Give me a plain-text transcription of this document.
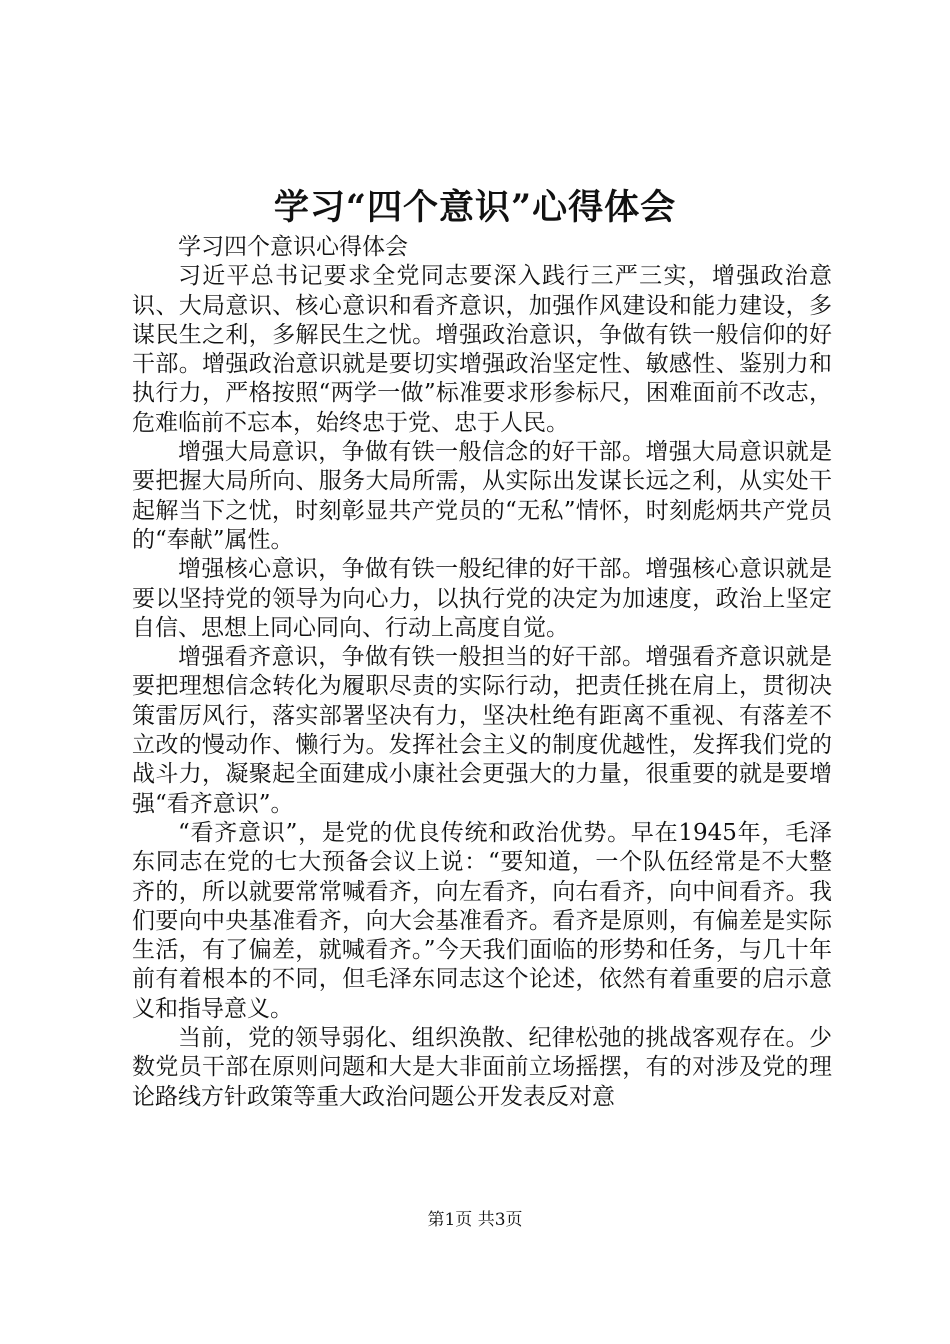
学习“四个意识”心得体会

学习四个意识心得体会

习近平总书记要求全党同志要深入践行三严三实，增强政治意识、大局意识、核心意识和看齐意识，加强作风建设和能力建设，多谋民生之利，多解民生之忧。增强政治意识，争做有铁一般信仰的好干部。增强政治意识就是要切实增强政治坚定性、敏感性、鉴别力和执行力，严格按照“两学一做”标准要求形参标尺，困难面前不改志，危难临前不忘本，始终忠于党、忠于人民。

增强大局意识，争做有铁一般信念的好干部。增强大局意识就是要把握大局所向、服务大局所需，从实际出发谋长远之利，从实处干起解当下之忧，时刻彰显共产党员的“无私”情怀，时刻彪炳共产党员的“奉献”属性。

增强核心意识，争做有铁一般纪律的好干部。增强核心意识就是要以坚持党的领导为向心力，以执行党的决定为加速度，政治上坚定自信、思想上同心同向、行动上高度自觉。

增强看齐意识，争做有铁一般担当的好干部。增强看齐意识就是要把理想信念转化为履职尽责的实际行动，把责任挑在肩上，贯彻决策雷厉风行，落实部署坚决有力，坚决杜绝有距离不重视、有落差不立改的慢动作、懒行为。发挥社会主义的制度优越性，发挥我们党的战斗力，凝聚起全面建成小康社会更强大的力量，很重要的就是要增强“看齐意识”。

“看齐意识”，是党的优良传统和政治优势。早在1945年，毛泽东同志在党的七大预备会议上说：“要知道，一个队伍经常是不大整齐的，所以就要常常喊看齐，向左看齐，向右看齐，向中间看齐。我们要向中央基准看齐，向大会基准看齐。看齐是原则，有偏差是实际生活，有了偏差，就喊看齐。”今天我们面临的形势和任务，与几十年前有着根本的不同，但毛泽东同志这个论述，依然有着重要的启示意义和指导意义。

当前，党的领导弱化、组织涣散、纪律松弛的挑战客观存在。少数党员干部在原则问题和大是大非面前立场摇摆，有的对涉及党的理论路线方针政策等重大政治问题公开发表反对意

第1页 共3页
